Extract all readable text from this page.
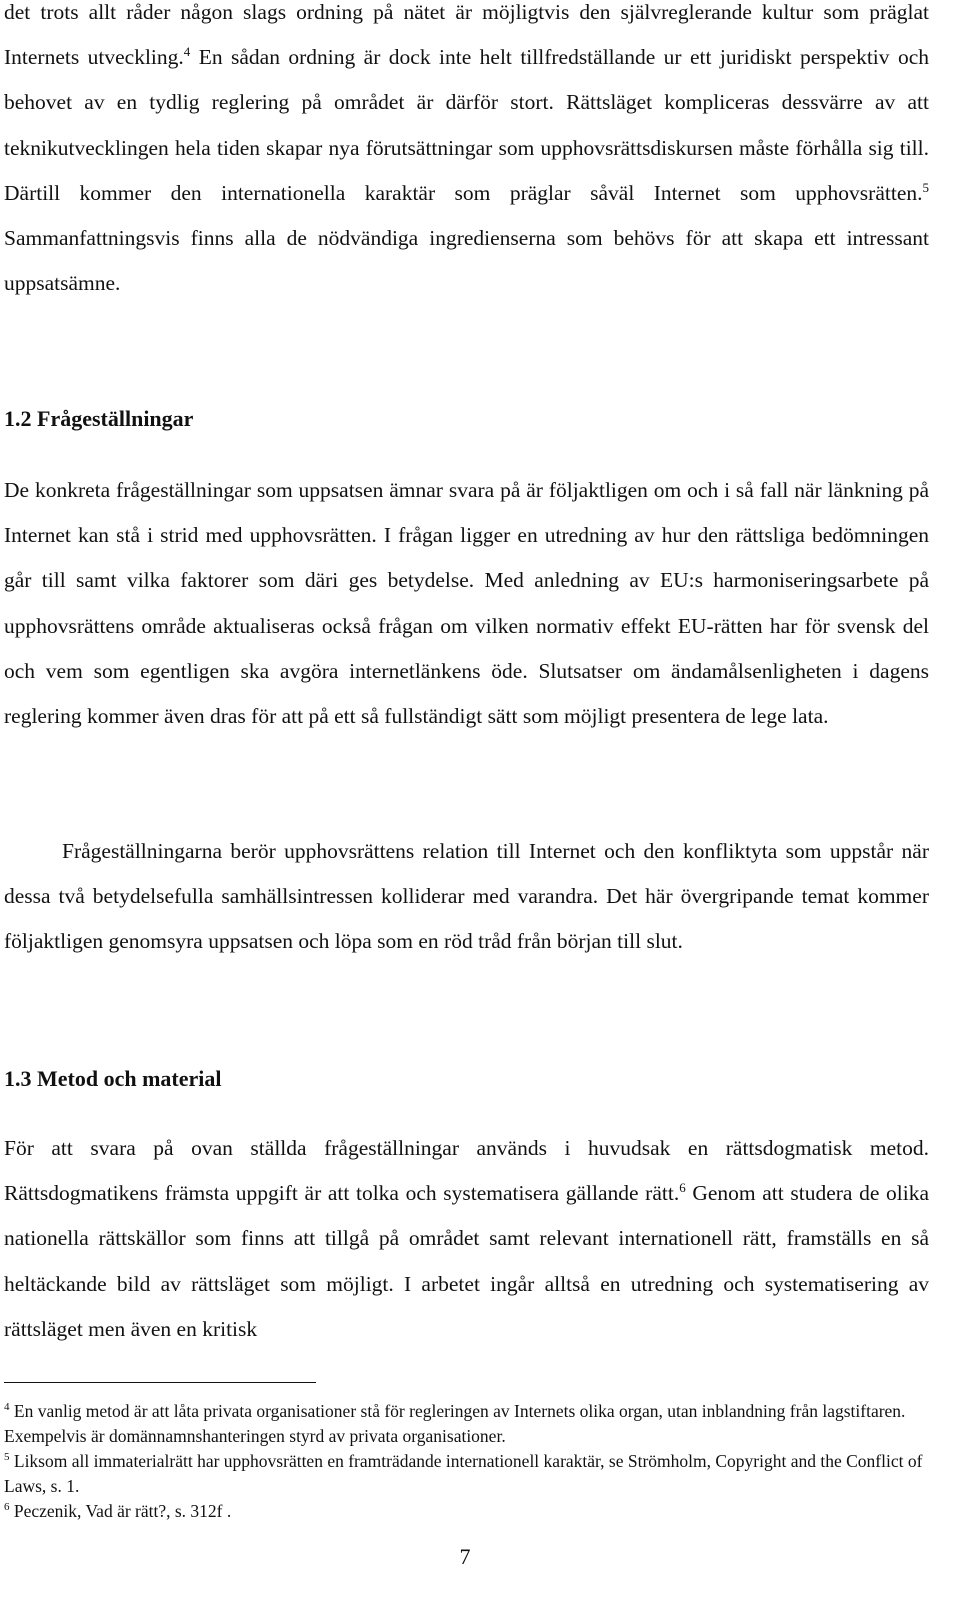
det trots allt råder någon slags ordning på nätet är möjligtvis den självreglerande kultur som präglat Internets utveckling.$^4$ En sådan ordning är dock inte helt tillfredställande ur ett juridiskt perspektiv och behovet av en tydlig reglering på området är därför stort. Rättsläget kompliceras dessvärre av att teknikutvecklingen hela tiden skapar nya förutsättningar som upphovsrättsdiskursen måste förhålla sig till. Därtill kommer den internationella karaktär som präglar såväl Internet som upphovsrätten.$^5$ Sammanfattningsvis finns alla de nödvändiga ingredienserna som behövs för att skapa ett intressant uppsatsämne.

1.2 Frågeställningar

De konkreta frågeställningar som uppsatsen ämnar svara på är följaktligen om och i så fall när länkning på Internet kan stå i strid med upphovsrätten. I frågan ligger en utredning av hur den rättsliga bedömningen går till samt vilka faktorer som däri ges betydelse. Med anledning av EU:s harmoniseringsarbete på upphovsrättens område aktualiseras också frågan om vilken normativ effekt EU-rätten har för svensk del och vem som egentligen ska avgöra internetlänkens öde. Slutsatser om ändamålsenligheten i dagens reglering kommer även dras för att på ett så fullständigt sätt som möjligt presentera de lege lata.

Frågeställningarna berör upphovsrättens relation till Internet och den konfliktyta som uppstår när dessa två betydelsefulla samhällsintressen kolliderar med varandra. Det här övergripande temat kommer följaktligen genomsyra uppsatsen och löpa som en röd tråd från början till slut.

1.3 Metod och material

För att svara på ovan ställda frågeställningar används i huvudsak en rättsdogmatisk metod. Rättsdogmatikens främsta uppgift är att tolka och systematisera gällande rätt.$^6$ Genom att studera de olika nationella rättskällor som finns att tillgå på området samt relevant internationell rätt, framställs en så heltäckande bild av rättsläget som möjligt. I arbetet ingår alltså en utredning och systematisering av rättsläget men även en kritisk

$^4$ En vanlig metod är att låta privata organisationer stå för regleringen av Internets olika organ, utan inblandning från lagstiftaren. Exempelvis är domännamnshanteringen styrd av privata organisationer.

$^5$ Liksom all immaterialrätt har upphovsrätten en framträdande internationell karaktär, se Strömholm, Copyright and the Conflict of Laws, s. 1.

$^6$ Peczenik, Vad är rätt?, s. 312f .

7
